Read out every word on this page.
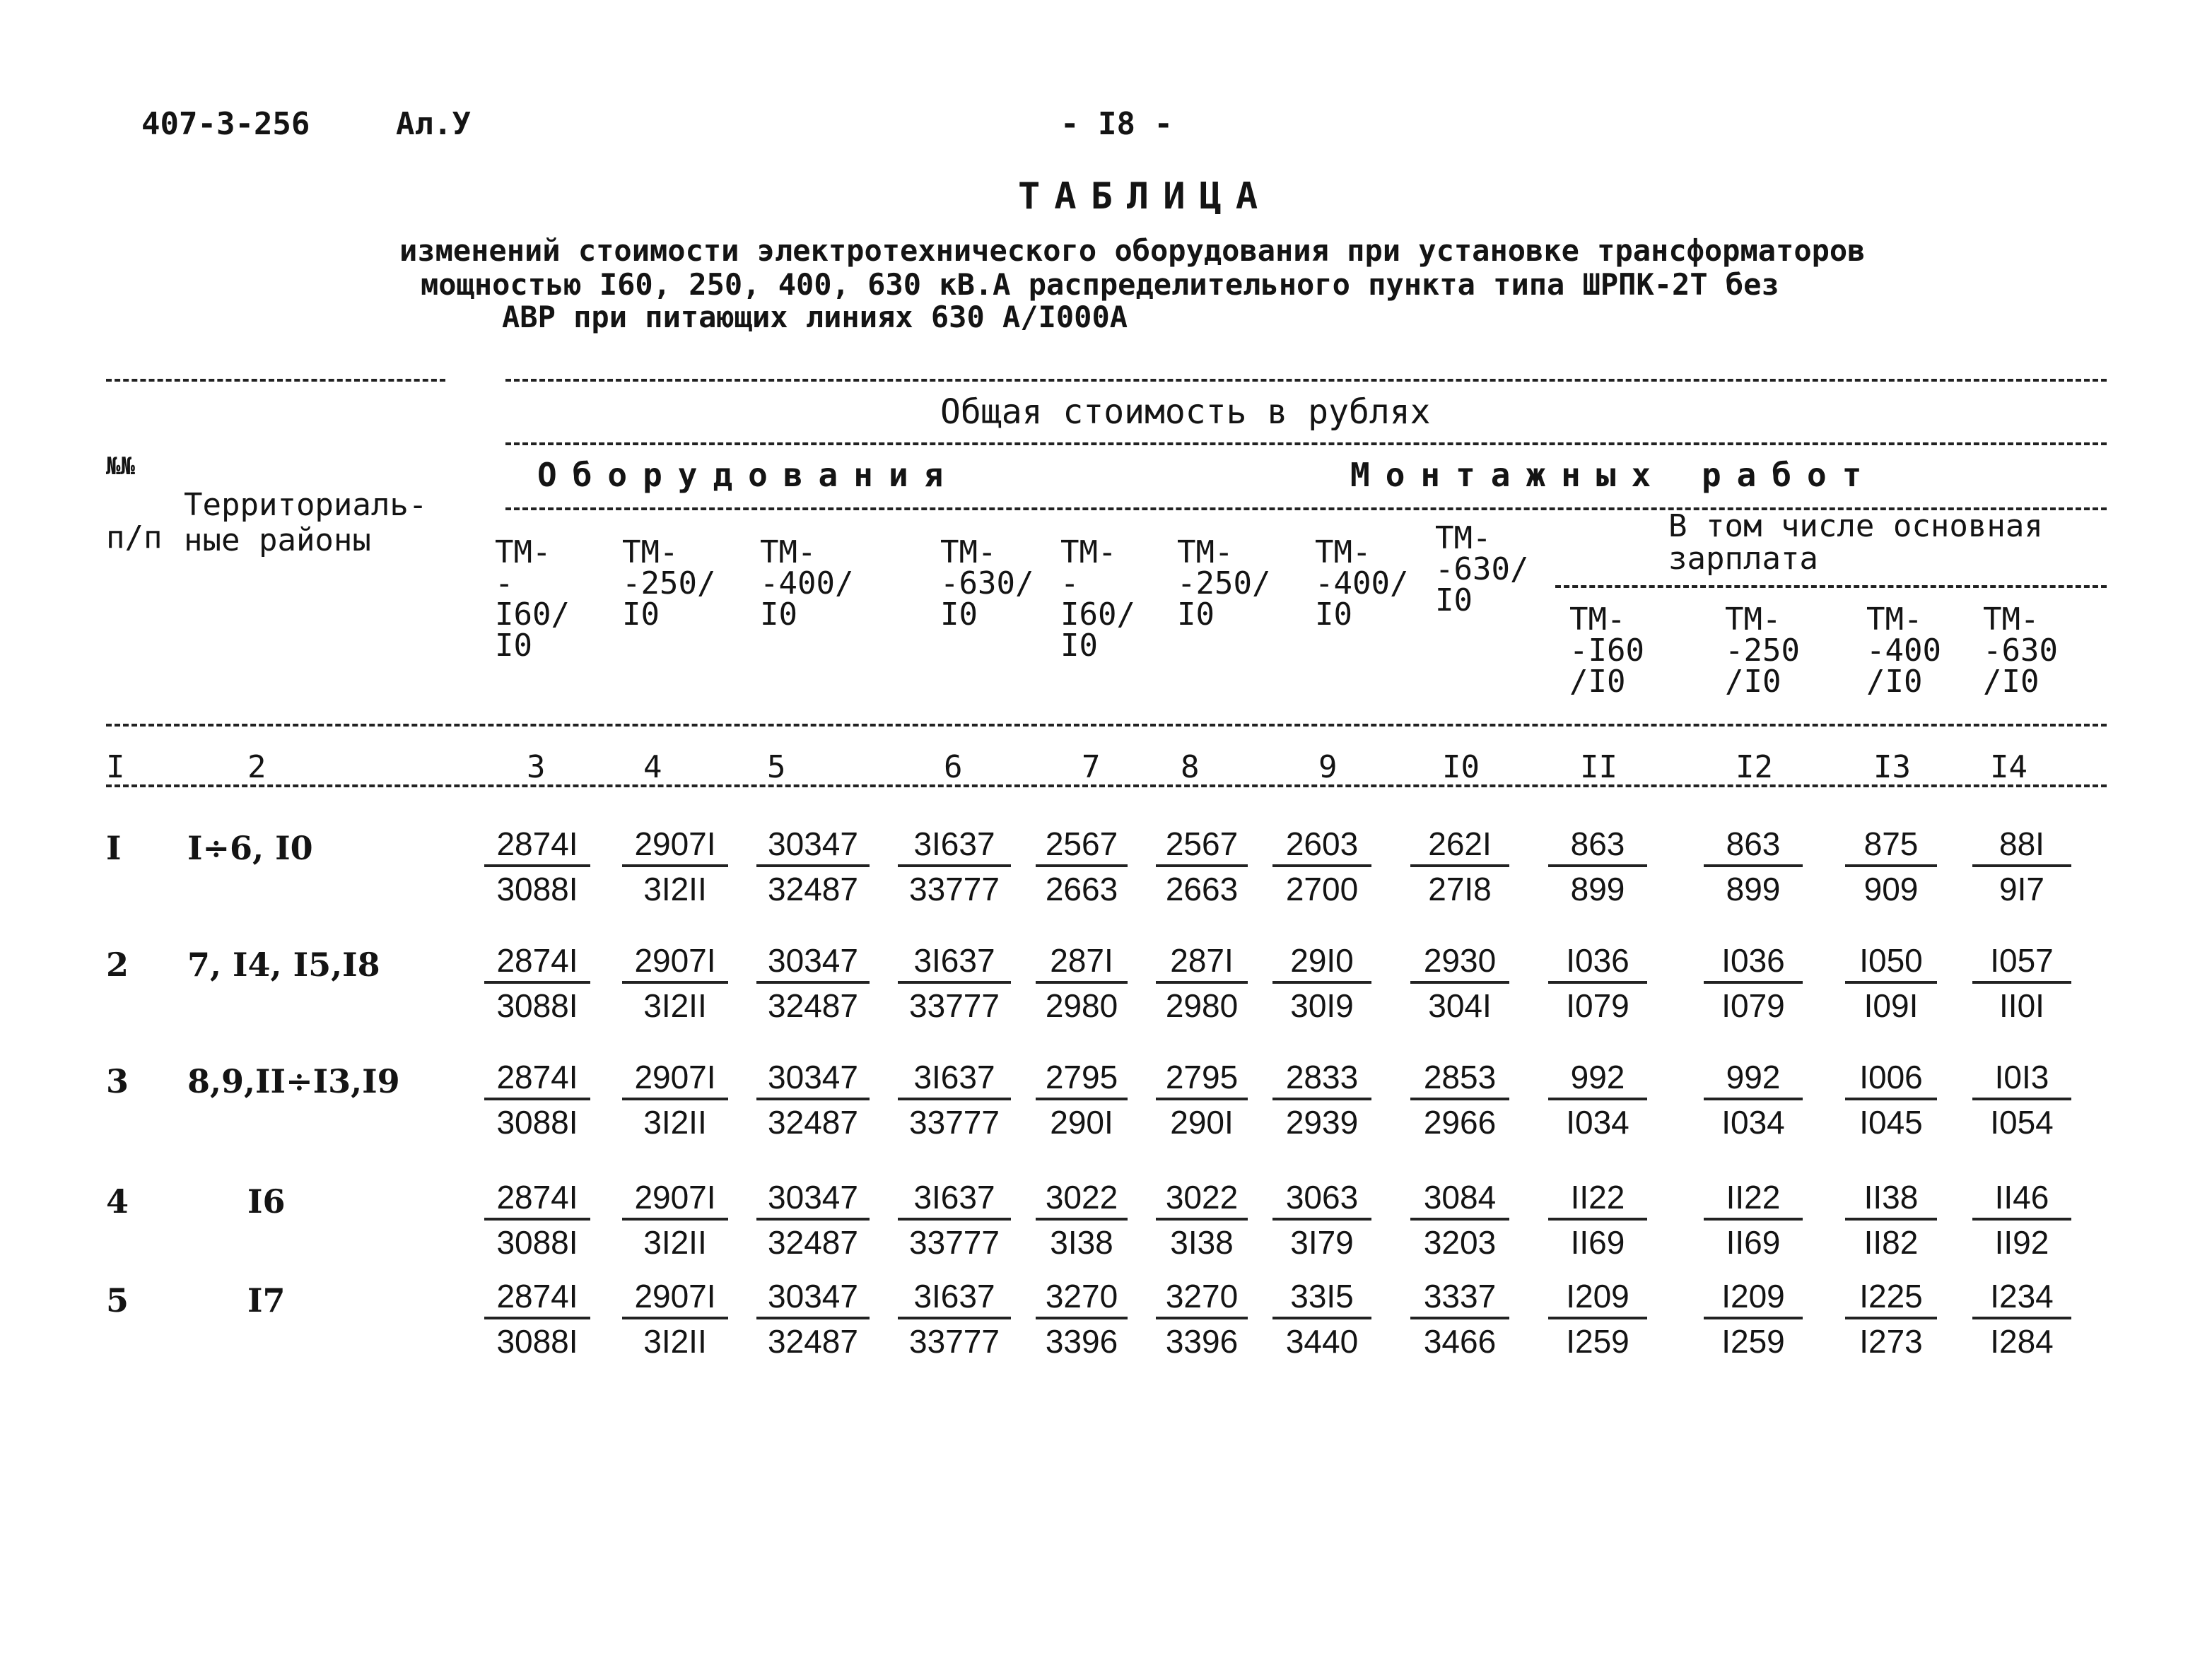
407-3-256	Ал.У	- I8 -
ТАБЛИЦА
изменений стоимости электротехнического оборудования при установке трансформаторов
мощностью I60, 250, 400, 630 кВ.А распределительного пункта типа ШРПК-2Т без
АВР при питающих линиях 630 А/I000А
№№
п/п
Территориаль- ные районы
Общая стоимость в рублях
Оборудования	Монтажных работ
В том числе основная зарплата
ТМ- -I60/ I0
ТМ- -250/ I0
ТМ- -400/ I0
ТМ- -630/ I0
ТМ- -I60/ I0
ТМ- -250/ I0
ТМ- -400/ I0
ТМ- -630/ I0
ТМ- -I60 /I0
ТМ- -250 /I0
ТМ- -400 /I0
ТМ- -630 /I0
I	2	3	4	5	6	7	8	9	I0	II	I2	I3	I4
I I÷6, I0	$\frac{2874I}{3088I} \frac{2907I}{3I2II} \frac{30347}{32487} \frac{3I637}{33777} \frac{2567}{2663} \frac{2567}{2663} \frac{2603}{2700} \frac{262I}{27I8} \frac{863}{899} \frac{863}{899} \frac{875}{909} \frac{88I}{9I7}$
2 7, I4, I5,I8	$\frac{2874I}{3088I} \frac{2907I}{3I2II} \frac{30347}{32487} \frac{3I637}{33777} \frac{287I}{2980} \frac{287I}{2980} \frac{29I0}{30I9} \frac{2930}{304I} \frac{I036}{I079} \frac{I036}{I079} \frac{I050}{I09I} \frac{I057}{II0I}$
3 8,9,II÷I3,I9	$\frac{2874I}{3088I} \frac{2907I}{3I2II} \frac{30347}{32487} \frac{3I637}{33777} \frac{2795}{290I} \frac{2795}{290I} \frac{2833}{2939} \frac{2853}{2966} \frac{992}{I034} \frac{992}{I034} \frac{I006}{I045} \frac{I0I3}{I054}$
4	I6	$\frac{2874I}{3088I} \frac{2907I}{3I2II} \frac{30347}{32487} \frac{3I637}{33777} \frac{3022}{3I38} \frac{3022}{3I38} \frac{3063}{3I79} \frac{3084}{3203} \frac{II22}{II69} \frac{II22}{II69} \frac{II38}{II82} \frac{II46}{II92}$
5	I7	$\frac{2874I}{3088I} \frac{2907I}{3I2II} \frac{30347}{32487} \frac{3I637}{33777} \frac{3270}{3396} \frac{3270}{3396} \frac{33I5}{3440} \frac{3337}{3466} \frac{I209}{I259} \frac{I209}{I259} \frac{I225}{I273} \frac{I234}{I284}$
